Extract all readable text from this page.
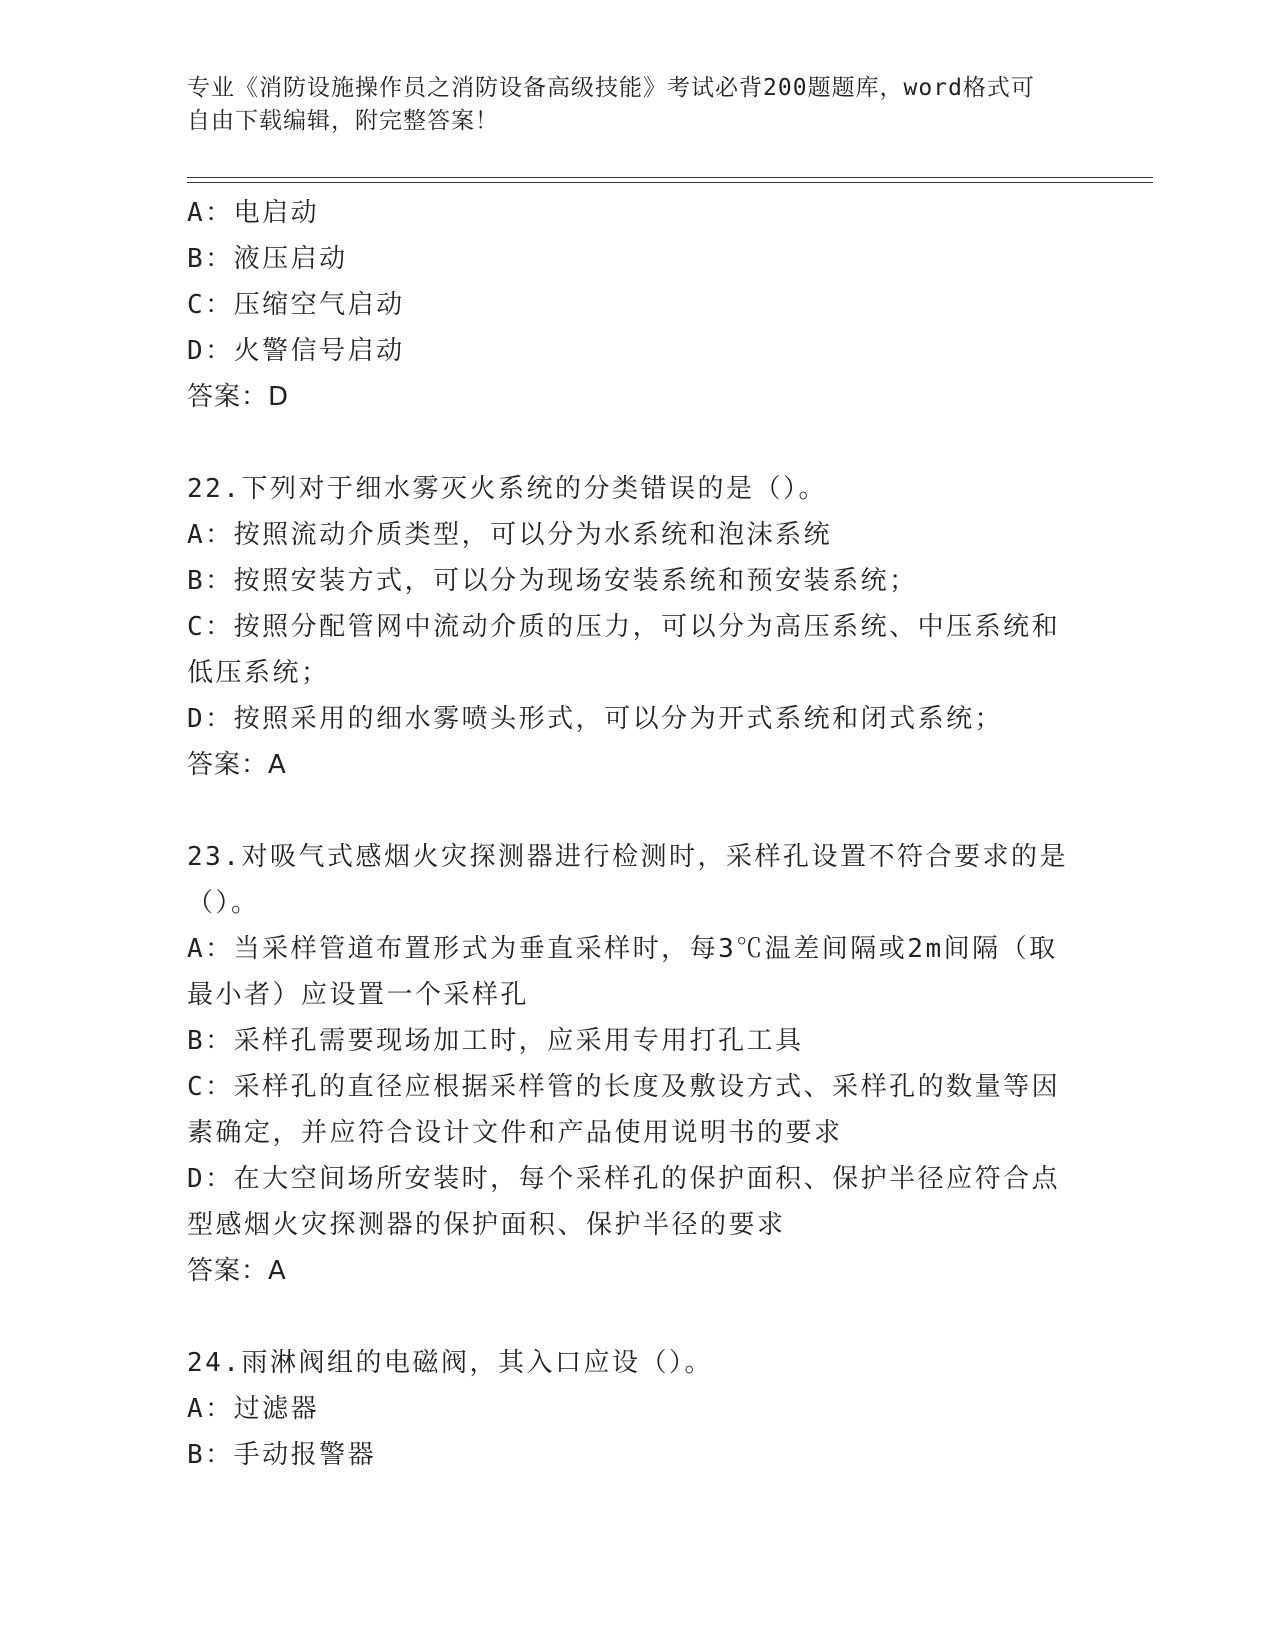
专业《消防设施操作员之消防设备高级技能》考试必背200题题库，word格式可
自由下载编辑，附完整答案！
A：电启动
B：液压启动
C：压缩空气启动
D：火警信号启动
答案：D
22.下列对于细水雾灭火系统的分类错误的是（）。
A：按照流动介质类型，可以分为水系统和泡沫系统
B：按照安装方式，可以分为现场安装系统和预安装系统；
C：按照分配管网中流动介质的压力，可以分为高压系统、中压系统和
低压系统；
D：按照采用的细水雾喷头形式，可以分为开式系统和闭式系统；
答案：A
23.对吸气式感烟火灾探测器进行检测时，采样孔设置不符合要求的是
（）。
A：当采样管道布置形式为垂直采样时，每3℃温差间隔或2m间隔（取
最小者）应设置一个采样孔
B：采样孔需要现场加工时，应采用专用打孔工具
C：采样孔的直径应根据采样管的长度及敷设方式、采样孔的数量等因
素确定，并应符合设计文件和产品使用说明书的要求
D：在大空间场所安装时，每个采样孔的保护面积、保护半径应符合点
型感烟火灾探测器的保护面积、保护半径的要求
答案：A
24.雨淋阀组的电磁阀，其入口应设（）。
A：过滤器
B：手动报警器
